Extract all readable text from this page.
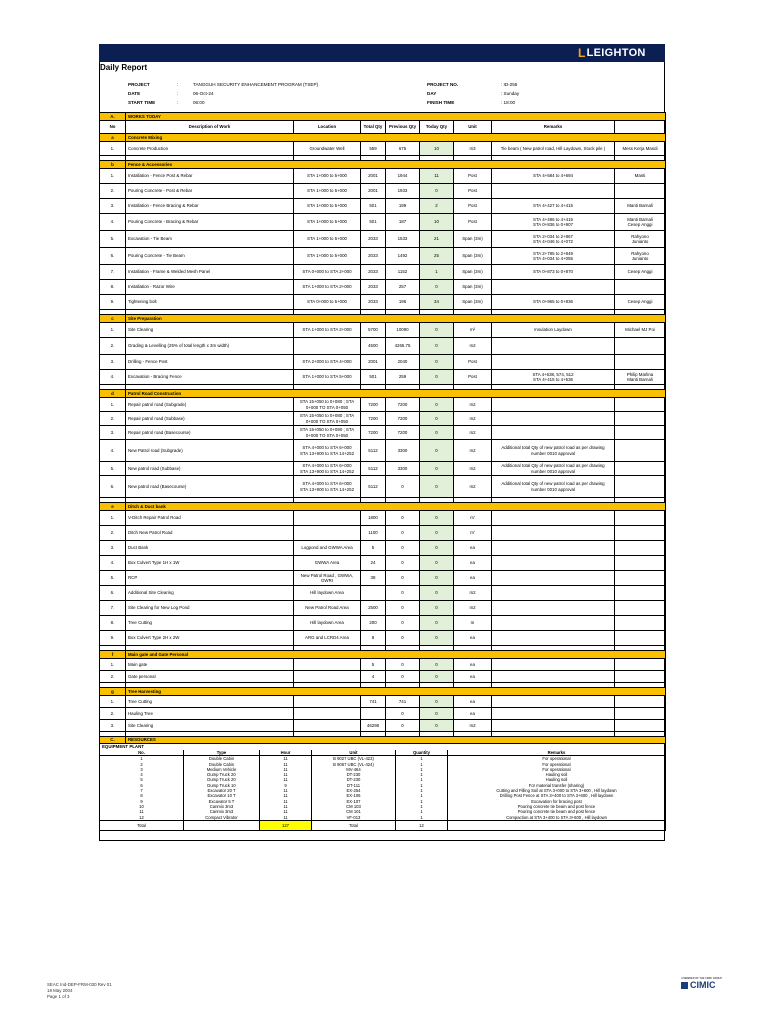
L LEIGHTON
Daily Report
PROJECT	:	TANGGUH SECURITY ENHANCEMENT PROGRAM (TSEP)
DATE	:	06-Oct-24
START TIME	:	06:00
PROJECT NO.	: ID-255
DAY	: Sunday
FINISH TIME	: 18:00
A.	WORKS TODAY							
No	Description of Work	Location	Total Qty	Previous Qty	Today Qty	Unit	Remarks	
a	Concrete Mixing							
1.	Concrete Production	Groundwater Well	559	675	10	m3	Tie beam ( New patrol road, Hill Laydown, Stock pile )	Mess Kerja Mandi

b	Fence & Accessories							
1.	Installation - Fence Post & Rebar	STA 1+000 to 5+000	2001	1944	11	Post	STA 4+684 to 4+694	Manti
2.	Pouring Concrete - Post & Rebar	STA 1+000 to 5+000	2001	1933	0	Post		
3.	Installation - Fence Bracing & Rebar	STA 1+000 to 5+000	501	199	2	Post	STA 4+427 to 4+415	Manti Barnali
4.	Pouring Concrete - Bracing & Rebar	STA 1+000 to 5+000	501	187	10	Post	STA 4+486 to 4+415
STA 0+836 to 0+907	Manti Barnali
Cesep Anggi
5.	Excavation - Tie Beam	STA 1+000 to 5+000	2033	1533	21	Span (3m)	STA 2+034 to 2+867
STA 4+046 to 4+072	Rahyono
Junianto
6.	Pouring Concrete - Tie Beam	STA 1+000 to 5+000	2033	1492	25	Span (3m)	STA 2+785 to 2+849
STA 4+034 to 4+055	Rahyono
Junianto
7.	Installation - Frame & Welded Mesh Panel	STA 0+000 to STA 2+000	2033	1152	1	Span (3m)	STA 0+873 to 0+870	Cesep Anggi
8.	Installation - Razor Wire	STA 1+000 to STA 2+000	2033	257	0	Span (3m)		
9.	Tightening bolt	STA 0+000 to 5+000	2033	196	34	Span (3m)	STA 0+965 to 0+836	Cesep Anggi

c	Site Preparation							
1.	Site Clearing	STA 1+000 to STA 2+000	5700	10090	0	m²	Insulation Laydown	Michael MJ Poi
2.	Grading & Levelling (25% of total length x 3m width)		4500	4265.75	0	m2		
3.	Drilling - Fence Post	STA 2+000 to STA 4+000	2001	2040	0	Post		
4.	Excavation - Bracing Fence	STA 1+000 to STA 5+000	501	259	0	Post	STA 4+638, 574, 512
STA 4+415 to 4+536	Philip Marlina
Manti Barnali

d	Patrol Road Construction							
1.	Repair patrol road (Subgrade)	STA 15+050 to 0+080 ; STA 0+000 TO STA 0+050	7200	7200	0	m2		
2.	Repair patrol road (Subbase)	STA 15+050 to 0+080 ; STA 0+000 TO STA 0+050	7200	7200	0	m2		
3.	Repair patrol road (Basecourse)	STA 15+050 to 0+080 ; STA 0+000 TO STA 0+050	7200	7200	0	m2		
4.	New Patrol road (Subgrade)	STA 4+000 to STA 6+000
STA 13+900 to STA 14+252	5112	3300	0	m2	Additional total Qty of new patrol road as per drawing number 0010 approval	
5.	New patrol road (Subbase)	STA 4+000 to STA 6+000
STA 13+900 to STA 14+252	5112	3300	0	m2	Additional total Qty of new patrol road as per drawing number 0010 approval	
6.	New patrol road (Basecourse)	STA 4+000 to STA 6+000
STA 13+900 to STA 14+252	5112	0	0	m2	Additional total Qty of new patrol road as per drawing number 0010 approval	

e	Ditch & Duct bank							
1.	V-Ditch Repair Patrol Road		1800	0	0	m'		
2.	Ditch New Patrol Road		1100	0	0	m'		
3.	Duct Bank	Logpond and GWWA Area	5	0	0	ea		
4.	Box Culvert Type 1H x 1W	GWWA Area	24	0	0	ea		
5.	RCP	New Patrol Road , GWWA, GWRI	38	0	0	ea		
6.	Additional Site Clearing	Hill laydown Area		0	0	m2		
7.	Site Clearing for New Log Pond	New Patrol Road Area	2500	0	0	m2		
8.	Tree Cutting	Hill laydown Area	200	0	0	m		
9.	Box Culvert Type 2H x 2W	ARG and LCRD4 Area	8	0	0	ea		

f	Main gate and Gate Personal							
1.	Main gate		5	0	0	ea		
2.	Gate personal		4	0	0	ea		

g	Tree Harvesting							
1.	Tree Cutting		741	741	0	ea		
2.	Hauling Tree			0	0	ea		
3.	Site Clearing		46298	0	0	m2		

C.	RESOURCES							
EQUIPMENT PLANT								
No.	Type	Hour	Unit	Quantity	Remarks
1	Double Cabin	11	B 9027 UBC (VL-423)	1	For operational
2	Double Cabin	11	B 9067 UBC (VL-424)	1	For operational
3	Medium Vehicle	11	MV-464	1	For operational
4	Dump Truck 20	11	DT-230	1	Hauling soil
5	Dump Truck 20	11	DT-230	1	Hauling soil
6	Dump Truck 10	9	DT-111	1	For material transfer (sharing)
7	Excavator 20 T	11	EX-254	1	Cutting and Filling Soil at STA 3+000 to STA 3+600 , Hill laydown
8	Excavator 10 T	11	EX-106	1	Drilling Post Fence at STA 3+400 to STA 3+600 , Hill laydown
9	Excavator 5 T	11	EX-107	1	Excavation for bracing post
10	Canmix 3m3	11	CM 103	1	Pouring concrete tie beam and post fence
11	Canmix 3m3	11	CM 101	1	Pouring concrete tie beam and post fence
12	Compact Vibrator	11	VF-013	1	Compaction at STA 3+400 to STA 3+600 , Hill laydown
Total		127	Total	12	
SEAC Ind-DEP-FRM-030 Rev 01
18 May 2004
Page 1 of 3
A MEMBER OF THE CIMIC GROUP
CIMIC
